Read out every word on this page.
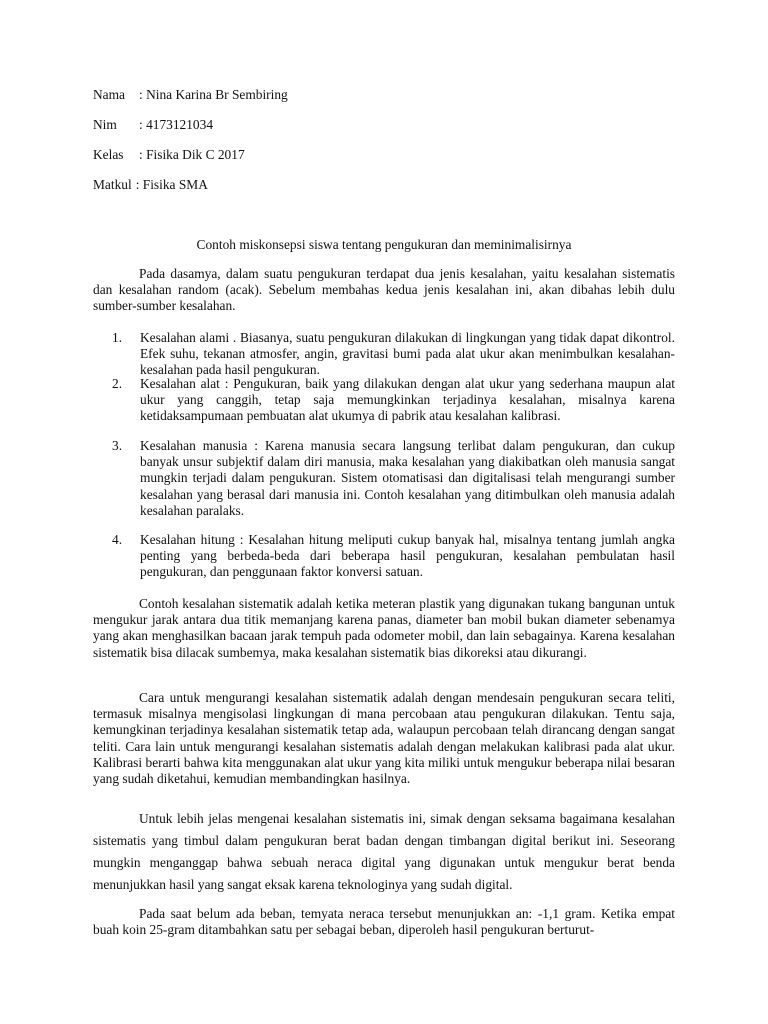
Nama : Nina Karina Br Sembiring
Nim : 4173121034
Kelas : Fisika Dik C 2017
Matkul : Fisika SMA
Contoh miskonsepsi siswa tentang pengukuran dan meminimalisirnya
Pada dasamya, dalam suatu pengukuran terdapat dua jenis kesalahan, yaitu kesalahan sistematis dan kesalahan random (acak). Sebelum membahas kedua jenis kesalahan ini, akan dibahas lebih dulu sumber-sumber kesalahan.
1.	Kesalahan alami . Biasanya, suatu pengukuran dilakukan di lingkungan yang tidak dapat dikontrol. Efek suhu, tekanan atmosfer, angin, gravitasi bumi pada alat ukur akan menimbulkan kesalahan-kesalahan pada hasil pengukuran.
2.	Kesalahan alat : Pengukuran, baik yang dilakukan dengan alat ukur yang sederhana maupun alat ukur yang canggih, tetap saja memungkinkan terjadinya kesalahan, misalnya karena ketidaksampumaan pembuatan alat ukumya di pabrik atau kesalahan kalibrasi.
3.	Kesalahan manusia : Karena manusia secara langsung terlibat dalam pengukuran, dan cukup banyak unsur subjektif dalam diri manusia, maka kesalahan yang diakibatkan oleh manusia sangat mungkin terjadi dalam pengukuran. Sistem otomatisasi dan digitalisasi telah mengurangi sumber kesalahan yang berasal dari manusia ini. Contoh kesalahan yang ditimbulkan oleh manusia adalah kesalahan paralaks.
4.	Kesalahan hitung : Kesalahan hitung meliputi cukup banyak hal, misalnya tentang jumlah angka penting yang berbeda-beda dari beberapa hasil pengukuran, kesalahan pembulatan hasil pengukuran, dan penggunaan faktor konversi satuan.
Contoh kesalahan sistematik adalah ketika meteran plastik yang digunakan tukang bangunan untuk mengukur jarak antara dua titik memanjang karena panas, diameter ban mobil bukan diameter sebenamya yang akan menghasilkan bacaan jarak tempuh pada odometer mobil, dan lain sebagainya. Karena kesalahan sistematik bisa dilacak sumbemya, maka kesalahan sistematik bias dikoreksi atau dikurangi.
Cara untuk mengurangi kesalahan sistematik adalah dengan mendesain pengukuran secara teliti, termasuk misalnya mengisolasi lingkungan di mana percobaan atau pengukuran dilakukan. Tentu saja, kemungkinan terjadinya kesalahan sistematik tetap ada, walaupun percobaan telah dirancang dengan sangat teliti. Cara lain untuk mengurangi kesalahan sistematis adalah dengan melakukan kalibrasi pada alat ukur. Kalibrasi berarti bahwa kita menggunakan alat ukur yang kita miliki untuk mengukur beberapa nilai besaran yang sudah diketahui, kemudian membandingkan hasilnya.
Untuk lebih jelas mengenai kesalahan sistematis ini, simak dengan seksama bagaimana kesalahan sistematis yang timbul dalam pengukuran berat badan dengan timbangan digital berikut ini. Seseorang mungkin menganggap bahwa sebuah neraca digital yang digunakan untuk mengukur berat benda menunjukkan hasil yang sangat eksak karena teknologinya yang sudah digital.
Pada saat belum ada beban, temyata neraca tersebut menunjukkan an: -1,1 gram. Ketika empat buah koin 25-gram ditambahkan satu per sebagai beban, diperoleh hasil pengukuran berturut-
